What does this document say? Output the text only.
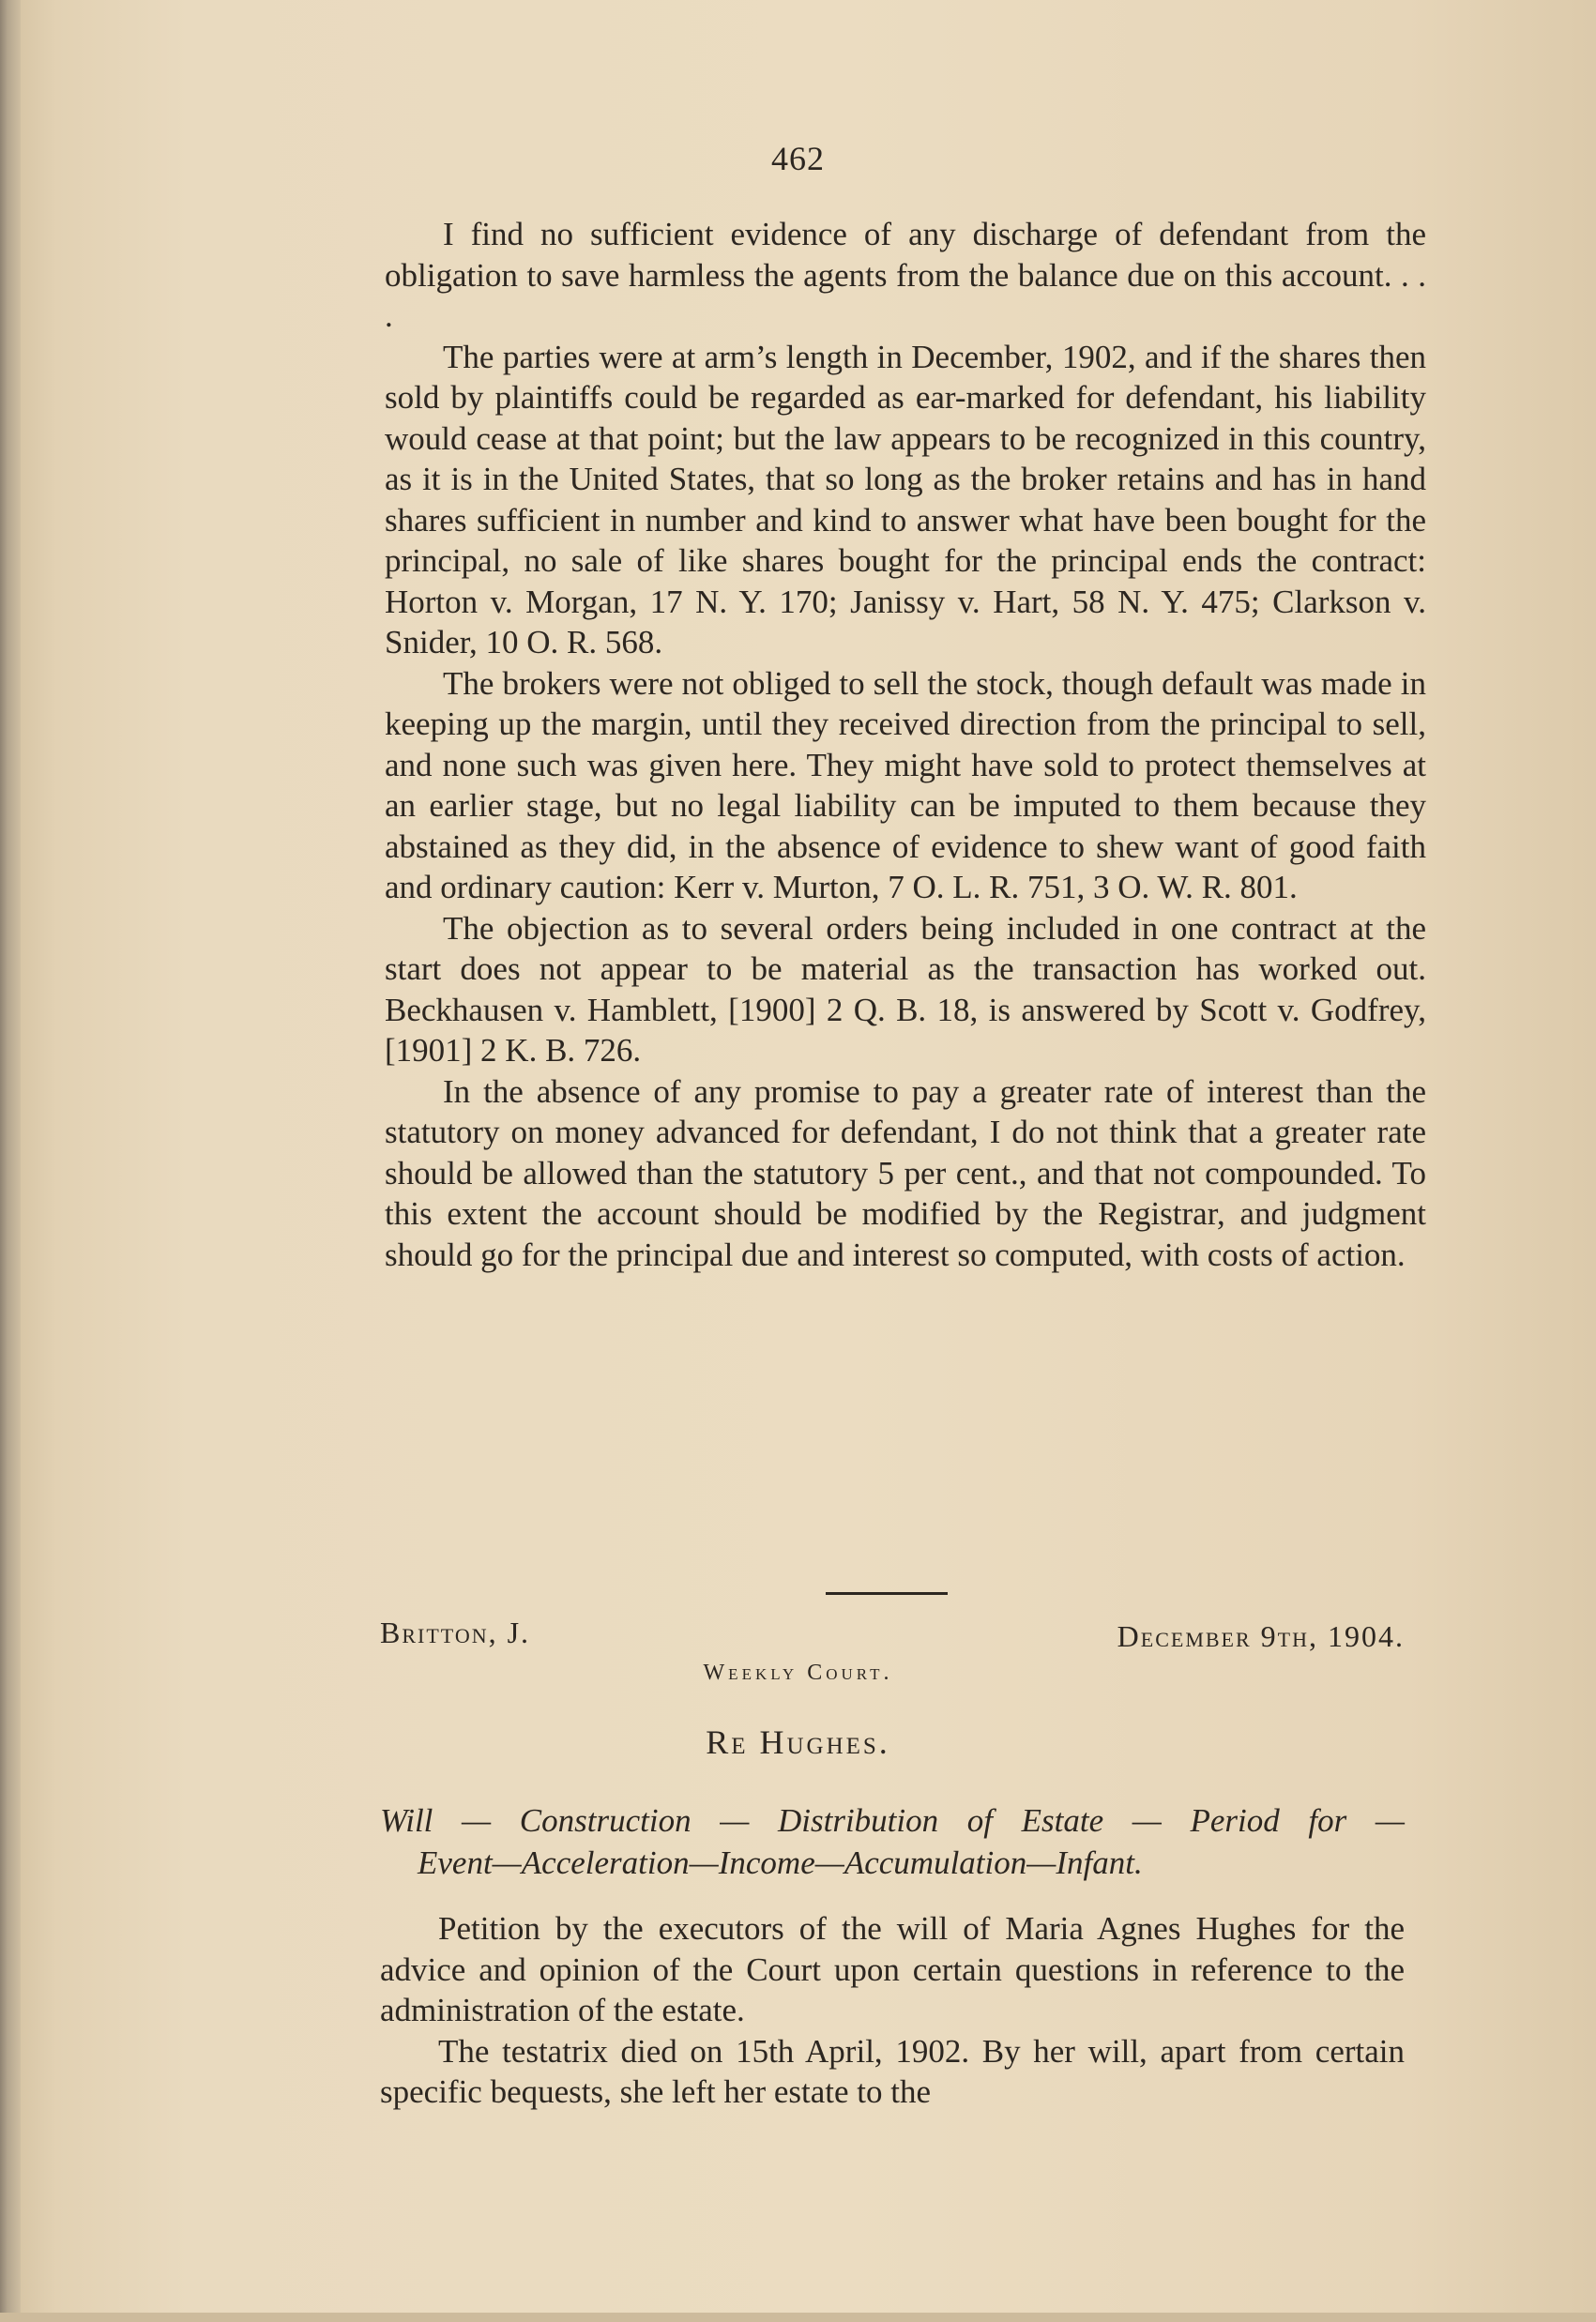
462

I find no sufficient evidence of any discharge of defendant from the obligation to save harmless the agents from the balance due on this account. . . .

The parties were at arm’s length in December, 1902, and if the shares then sold by plaintiffs could be regarded as ear-marked for defendant, his liability would cease at that point; but the law appears to be recognized in this country, as it is in the United States, that so long as the broker retains and has in hand shares sufficient in number and kind to answer what have been bought for the principal, no sale of like shares bought for the principal ends the contract: Horton v. Morgan, 17 N. Y. 170; Janissy v. Hart, 58 N. Y. 475; Clarkson v. Snider, 10 O. R. 568.

The brokers were not obliged to sell the stock, though default was made in keeping up the margin, until they received direction from the principal to sell, and none such was given here. They might have sold to protect themselves at an earlier stage, but no legal liability can be imputed to them because they abstained as they did, in the absence of evidence to shew want of good faith and ordinary caution: Kerr v. Murton, 7 O. L. R. 751, 3 O. W. R. 801.

The objection as to several orders being included in one contract at the start does not appear to be material as the transaction has worked out. Beckhausen v. Hamblett, [1900] 2 Q. B. 18, is answered by Scott v. Godfrey, [1901] 2 K. B. 726.

In the absence of any promise to pay a greater rate of interest than the statutory on money advanced for defendant, I do not think that a greater rate should be allowed than the statutory 5 per cent., and that not compounded. To this extent the account should be modified by the Registrar, and judgment should go for the principal due and interest so computed, with costs of action.

Britton, J.	December 9th, 1904.
Weekly Court.
Re Hughes.
Will — Construction — Distribution of Estate — Period for —
Event—Acceleration—Income—Accumulation—Infant.

Petition by the executors of the will of Maria Agnes Hughes for the advice and opinion of the Court upon certain questions in reference to the administration of the estate.

The testatrix died on 15th April, 1902. By her will, apart from certain specific bequests, she left her estate to the
